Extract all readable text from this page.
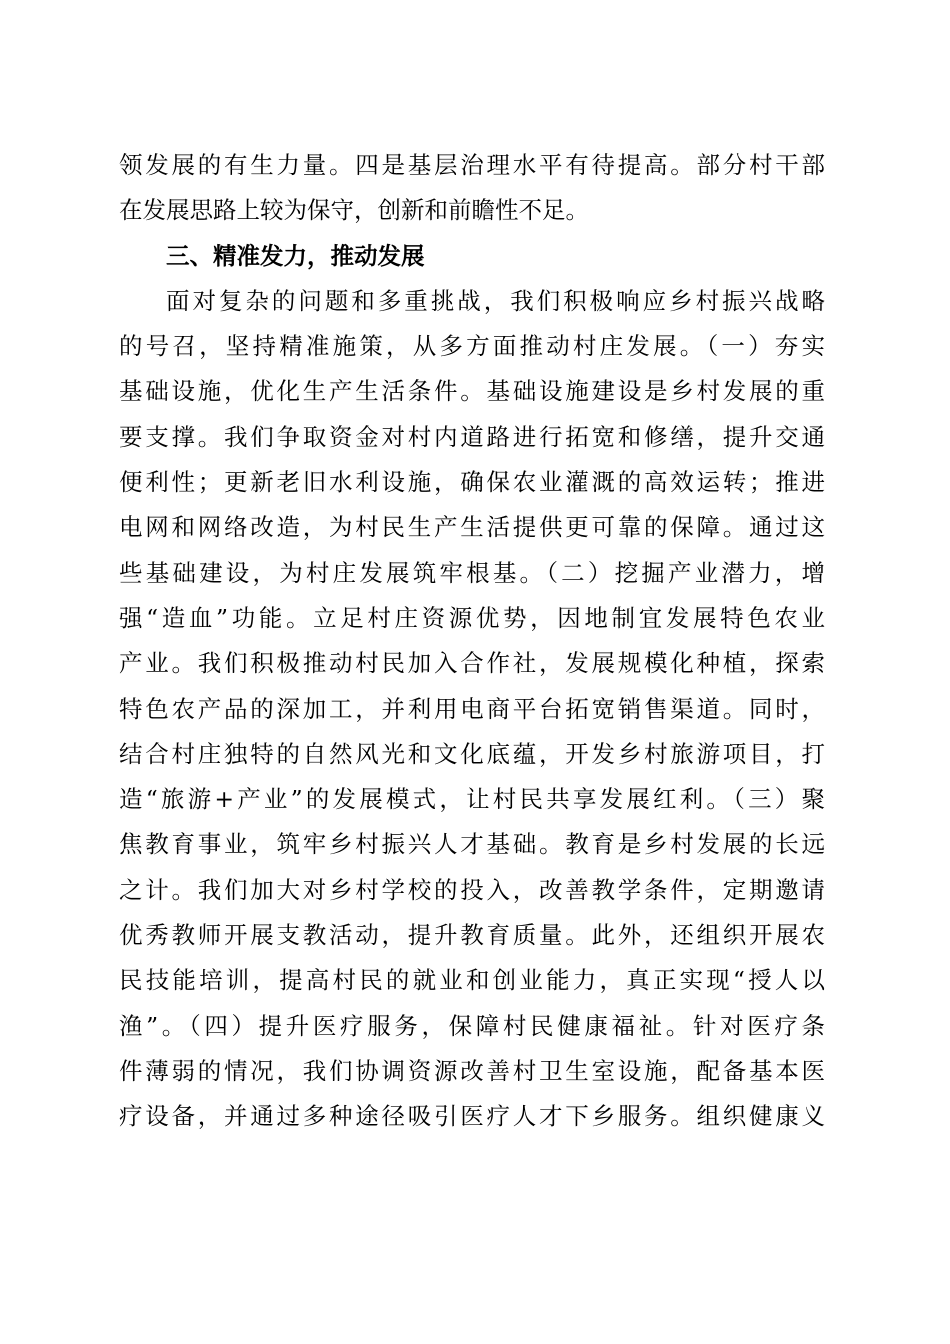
领发展的有生力量。四是基层治理水平有待提高。部分村干部
在发展思路上较为保守，创新和前瞻性不足。
三、精准发力，推动发展
面对复杂的问题和多重挑战，我们积极响应乡村振兴战略
的号召，坚持精准施策，从多方面推动村庄发展。（一）夯实
基础设施，优化生产生活条件。基础设施建设是乡村发展的重
要支撑。我们争取资金对村内道路进行拓宽和修缮，提升交通
便利性；更新老旧水利设施，确保农业灌溉的高效运转；推进
电网和网络改造，为村民生产生活提供更可靠的保障。通过这
些基础建设，为村庄发展筑牢根基。（二）挖掘产业潜力，增
强“造血”功能。立足村庄资源优势，因地制宜发展特色农业
产业。我们积极推动村民加入合作社，发展规模化种植，探索
特色农产品的深加工，并利用电商平台拓宽销售渠道。同时，
结合村庄独特的自然风光和文化底蕴，开发乡村旅游项目，打
造“旅游+产业”的发展模式，让村民共享发展红利。（三）聚
焦教育事业，筑牢乡村振兴人才基础。教育是乡村发展的长远
之计。我们加大对乡村学校的投入，改善教学条件，定期邀请
优秀教师开展支教活动，提升教育质量。此外，还组织开展农
民技能培训，提高村民的就业和创业能力，真正实现“授人以
渔”。（四）提升医疗服务，保障村民健康福祉。针对医疗条
件薄弱的情况，我们协调资源改善村卫生室设施，配备基本医
疗设备，并通过多种途径吸引医疗人才下乡服务。组织健康义
